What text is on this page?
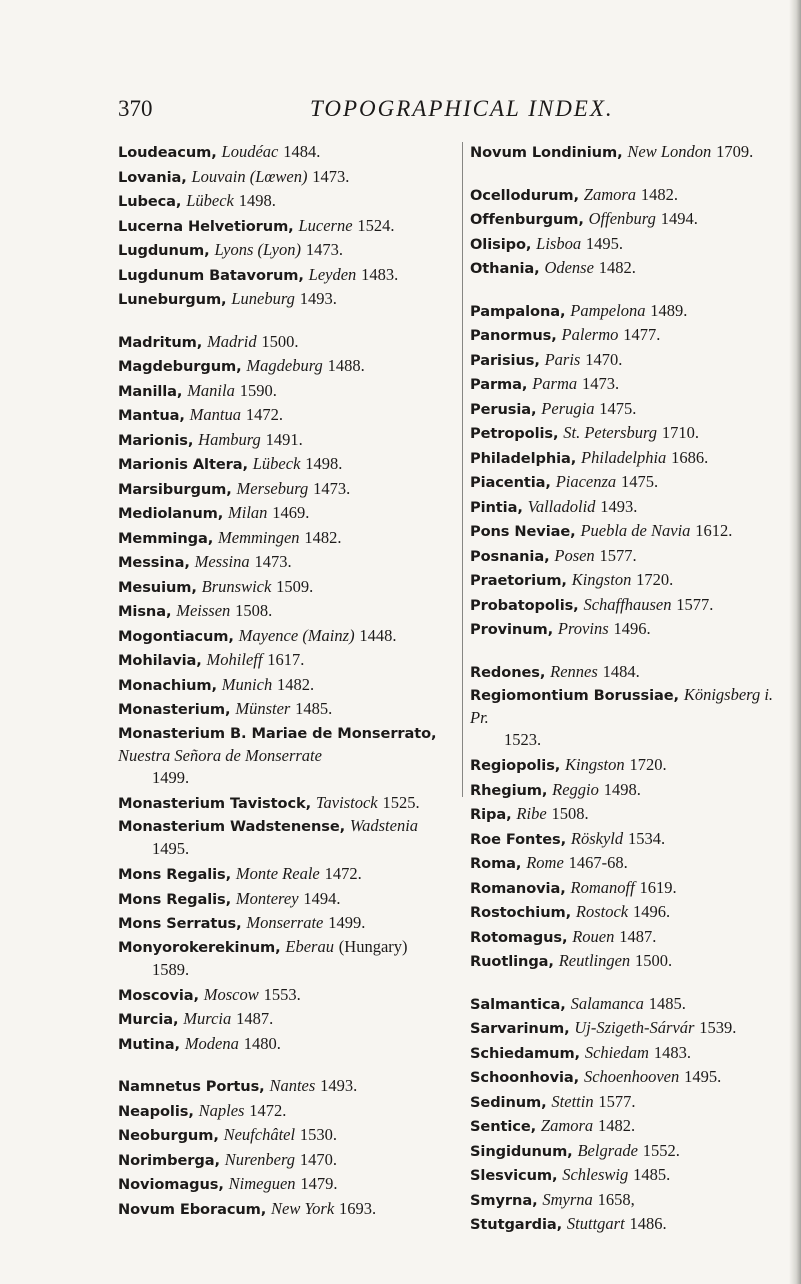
370	TOPOGRAPHICAL INDEX.
Loudeacum, Loudéac 1484.
Lovania, Louvain (Lœwen) 1473.
Lubeca, Lübeck 1498.
Lucerna Helvetiorum, Lucerne 1524.
Lugdunum, Lyons (Lyon) 1473.
Lugdunum Batavorum, Leyden 1483.
Luneburgum, Luneburg 1493.
Madritum, Madrid 1500.
Magdeburgum, Magdeburg 1488.
Manilla, Manila 1590.
Mantua, Mantua 1472.
Marionis, Hamburg 1491.
Marionis Altera, Lübeck 1498.
Marsiburgum, Merseburg 1473.
Mediolanum, Milan 1469.
Memminga, Memmingen 1482.
Messina, Messina 1473.
Mesuium, Brunswick 1509.
Misna, Meissen 1508.
Mogontiacum, Mayence (Mainz) 1448.
Mohilavia, Mohileff 1617.
Monachium, Munich 1482.
Monasterium, Münster 1485.
Monasterium B. Mariae de Monserrato, Nuestra Señora de Monserrate
1499.
Monasterium Tavistock, Tavistock 1525.
Monasterium Wadstenense, Wadstenia
1495.
Mons Regalis, Monte Reale 1472.
Mons Regalis, Monterey 1494.
Mons Serratus, Monserrate 1499.
Monyorokerekinum, Eberau (Hungary)
1589.
Moscovia, Moscow 1553.
Murcia, Murcia 1487.
Mutina, Modena 1480.
Namnetus Portus, Nantes 1493.
Neapolis, Naples 1472.
Neoburgum, Neufchâtel 1530.
Norimberga, Nurenberg 1470.
Noviomagus, Nimeguen 1479.
Novum Eboracum, New York 1693.
Novum Londinium, New London 1709.
Ocellodurum, Zamora 1482.
Offenburgum, Offenburg 1494.
Olisipo, Lisboa 1495.
Othania, Odense 1482.
Pampalona, Pampelona 1489.
Panormus, Palermo 1477.
Parisius, Paris 1470.
Parma, Parma 1473.
Perusia, Perugia 1475.
Petropolis, St. Petersburg 1710.
Philadelphia, Philadelphia 1686.
Piacentia, Piacenza 1475.
Pintia, Valladolid 1493.
Pons Neviae, Puebla de Navia 1612.
Posnania, Posen 1577.
Praetorium, Kingston 1720.
Probatopolis, Schaffhausen 1577.
Provinum, Provins 1496.
Redones, Rennes 1484.
Regiomontium Borussiae, Königsberg i. Pr.
1523.
Regiopolis, Kingston 1720.
Rhegium, Reggio 1498.
Ripa, Ribe 1508.
Roe Fontes, Röskyld 1534.
Roma, Rome 1467-68.
Romanovia, Romanoff 1619.
Rostochium, Rostock 1496.
Rotomagus, Rouen 1487.
Ruotlinga, Reutlingen 1500.
Salmantica, Salamanca 1485.
Sarvarinum, Uj-Szigeth-Sárvár 1539.
Schiedamum, Schiedam 1483.
Schoonhovia, Schoenhooven 1495.
Sedinum, Stettin 1577.
Sentice, Zamora 1482.
Singidunum, Belgrade 1552.
Slesvicum, Schleswig 1485.
Smyrna, Smyrna 1658,
Stutgardia, Stuttgart 1486.
